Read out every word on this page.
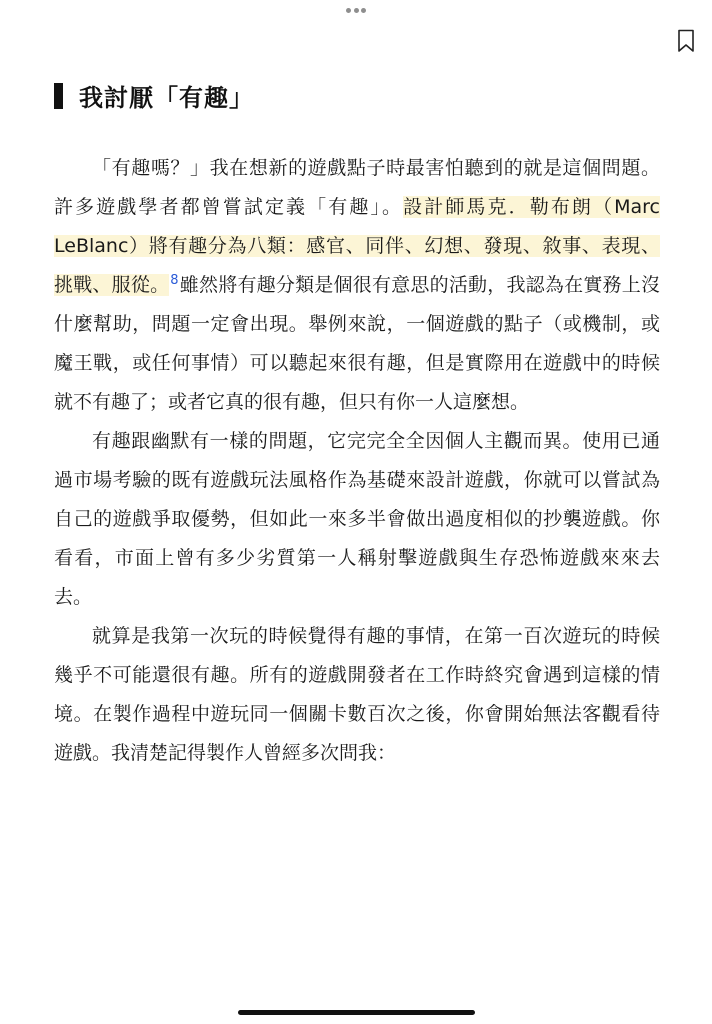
我討厭「有趣」

「有趣嗎？」我在想新的遊戲點子時最害怕聽到的就是這個問題。許多遊戲學者都曾嘗試定義「有趣」。設計師馬克．勒布朗（Marc LeBlanc）將有趣分為八類：感官、同伴、幻想、發現、敘事、表現、挑戰、服從。$^8$雖然將有趣分類是個很有意思的活動，我認為在實務上沒什麼幫助，問題一定會出現。舉例來說，一個遊戲的點子（或機制，或魔王戰，或任何事情）可以聽起來很有趣，但是實際用在遊戲中的時候就不有趣了；或者它真的很有趣，但只有你一人這麼想。

有趣跟幽默有一樣的問題，它完完全全因個人主觀而異。使用已通過市場考驗的既有遊戲玩法風格作為基礎來設計遊戲，你就可以嘗試為自己的遊戲爭取優勢，但如此一來多半會做出過度相似的抄襲遊戲。你看看，市面上曾有多少劣質第一人稱射擊遊戲與生存恐怖遊戲來來去去。

就算是我第一次玩的時候覺得有趣的事情，在第一百次遊玩的時候幾乎不可能還很有趣。所有的遊戲開發者在工作時終究會遇到這樣的情境。在製作過程中遊玩同一個關卡數百次之後，你會開始無法客觀看待遊戲。我清楚記得製作人曾經多次問我：
